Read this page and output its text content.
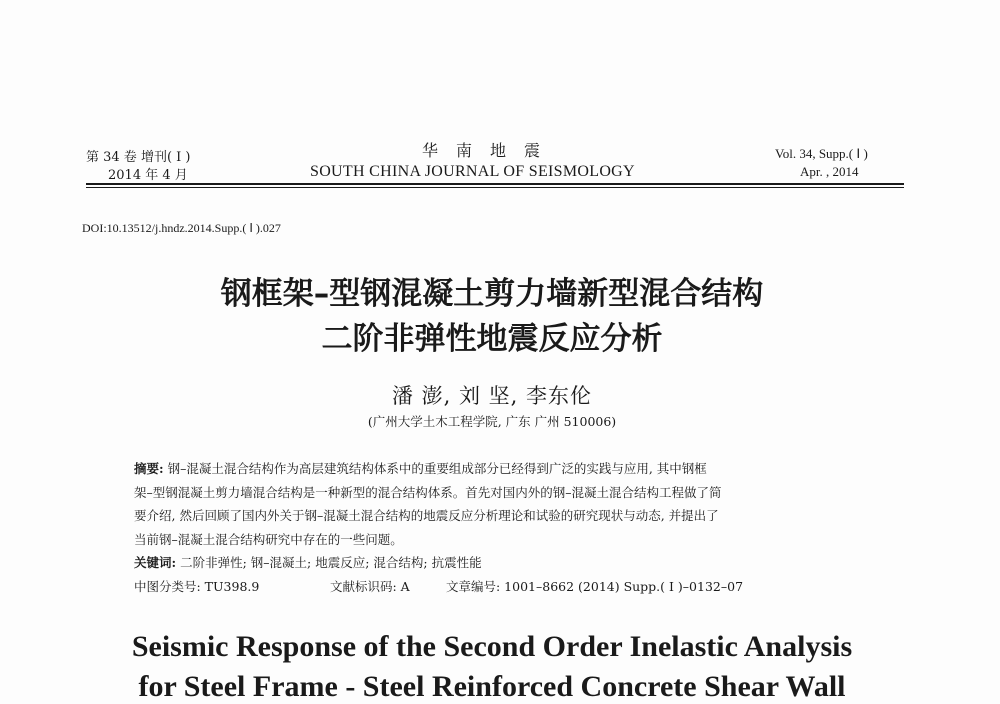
第 34 卷 增刊( I )
2014 年 4 月
华南地震
SOUTH CHINA JOURNAL OF SEISMOLOGY
Vol. 34, Supp.( Ⅰ )
Apr. , 2014
DOI:10.13512/j.hndz.2014.Supp.( Ⅰ ).027
钢框架–型钢混凝土剪力墙新型混合结构
二阶非弹性地震反应分析
潘 澎, 刘 坚, 李东伦
(广州大学土木工程学院, 广东 广州 510006)
摘要: 钢–混凝土混合结构作为高层建筑结构体系中的重要组成部分已经得到广泛的实践与应用, 其中钢框
架–型钢混凝土剪力墙混合结构是一种新型的混合结构体系。首先对国内外的钢–混凝土混合结构工程做了简
要介绍, 然后回顾了国内外关于钢–混凝土混合结构的地震反应分析理论和试验的研究现状与动态, 并提出了
当前钢–混凝土混合结构研究中存在的一些问题。
关键词: 二阶非弹性; 钢–混凝土; 地震反应; 混合结构; 抗震性能
中图分类号: TU398.9	文献标识码: A	文章编号: 1001–8662 (2014) Supp.( Ⅰ )–0132–07
Seismic Response of the Second Order Inelastic Analysis
for Steel Frame - Steel Reinforced Concrete Shear Wall
